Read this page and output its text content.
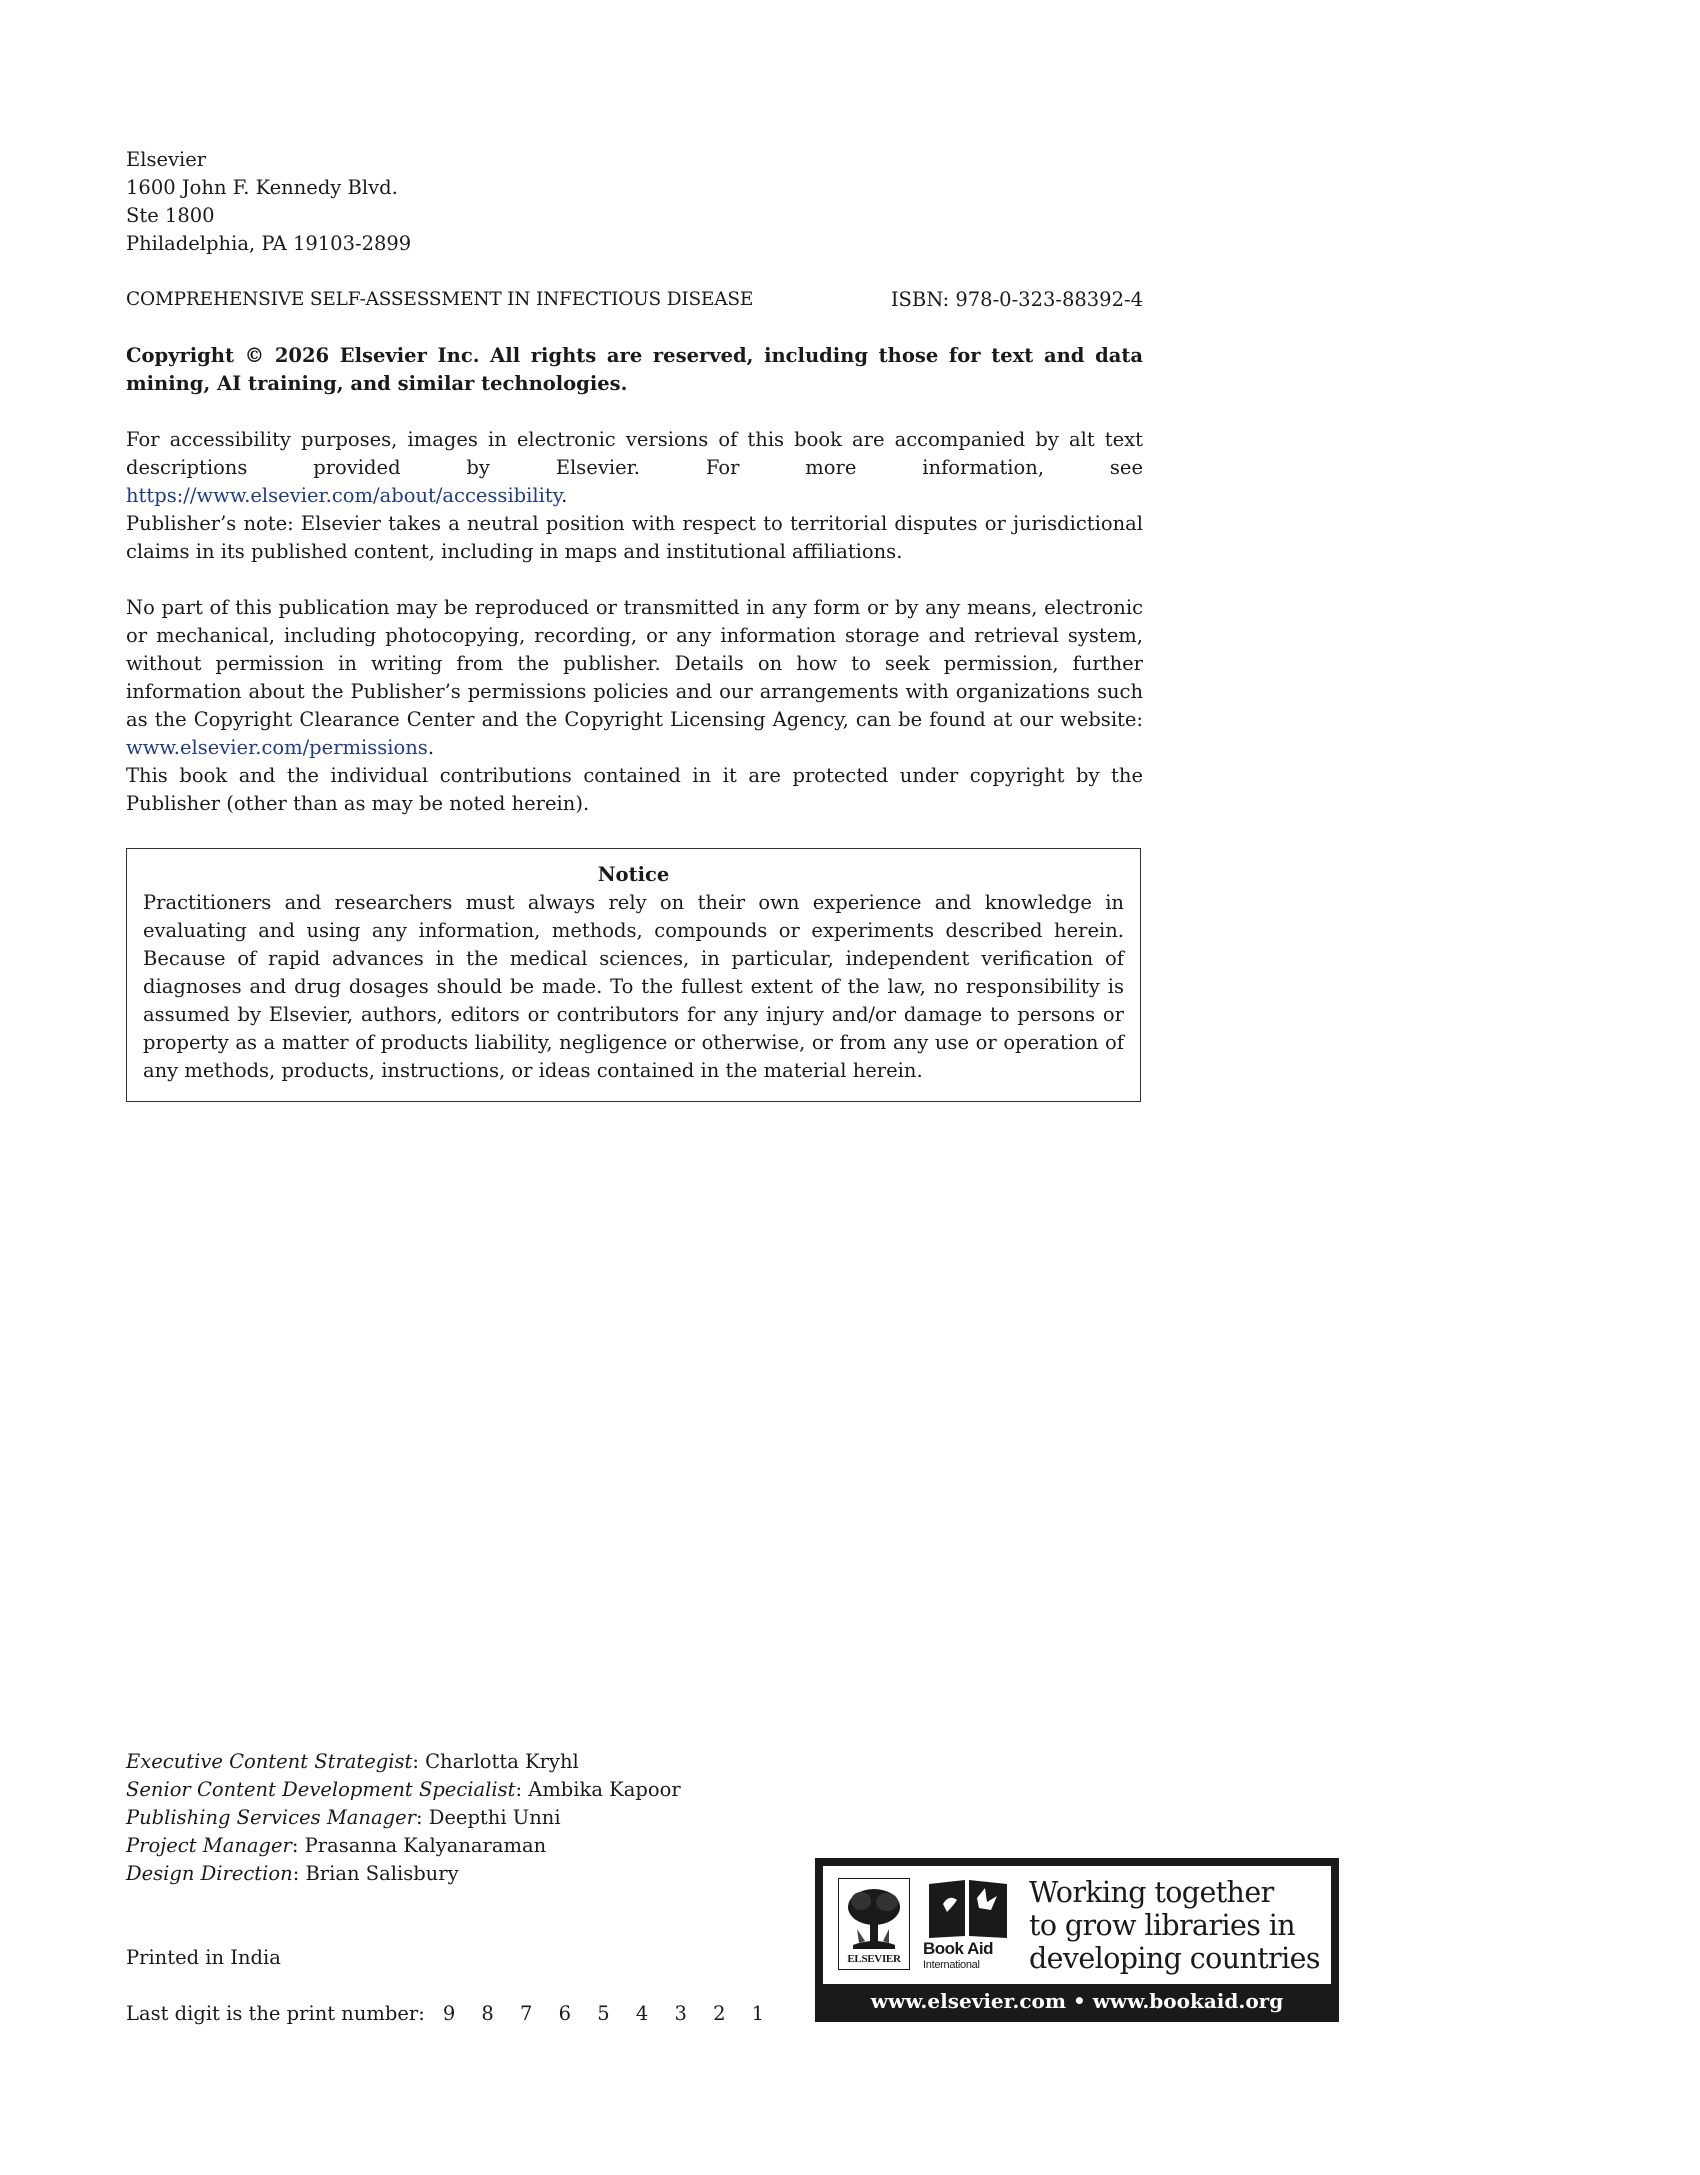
Elsevier
1600 John F. Kennedy Blvd.
Ste 1800
Philadelphia, PA 19103-2899
COMPREHENSIVE SELF-ASSESSMENT IN INFECTIOUS DISEASE	ISBN: 978-0-323-88392-4
Copyright © 2026 Elsevier Inc. All rights are reserved, including those for text and data mining, AI training, and similar technologies.
For accessibility purposes, images in electronic versions of this book are accompanied by alt text descriptions provided by Elsevier. For more information, see https://www.elsevier.com/about/accessibility.
Publisher’s note: Elsevier takes a neutral position with respect to territorial disputes or jurisdictional claims in its published content, including in maps and institutional affiliations.
No part of this publication may be reproduced or transmitted in any form or by any means, electronic or mechanical, including photocopying, recording, or any information storage and retrieval system, without permission in writing from the publisher. Details on how to seek permission, further information about the Publisher’s permissions policies and our arrangements with organizations such as the Copyright Clearance Center and the Copyright Licensing Agency, can be found at our website: www.elsevier.com/permissions.
This book and the individual contributions contained in it are protected under copyright by the Publisher (other than as may be noted herein).
Notice
Practitioners and researchers must always rely on their own experience and knowledge in evaluating and using any information, methods, compounds or experiments described herein. Because of rapid advances in the medical sciences, in particular, independent verification of diagnoses and drug dosages should be made. To the fullest extent of the law, no responsibility is assumed by Elsevier, authors, editors or contributors for any injury and/or damage to persons or property as a matter of products liability, negligence or otherwise, or from any use or operation of any methods, products, instructions, or ideas contained in the material herein.
Executive Content Strategist: Charlotta Kryhl
Senior Content Development Specialist: Ambika Kapoor
Publishing Services Manager: Deepthi Unni
Project Manager: Prasanna Kalyanaraman
Design Direction: Brian Salisbury
Printed in India
Last digit is the print number: 9 8 7 6 5 4 3 2 1
ELSEVIER
Book Aid
International
Working together
to grow libraries in
developing countries
www.elsevier.com • www.bookaid.org
